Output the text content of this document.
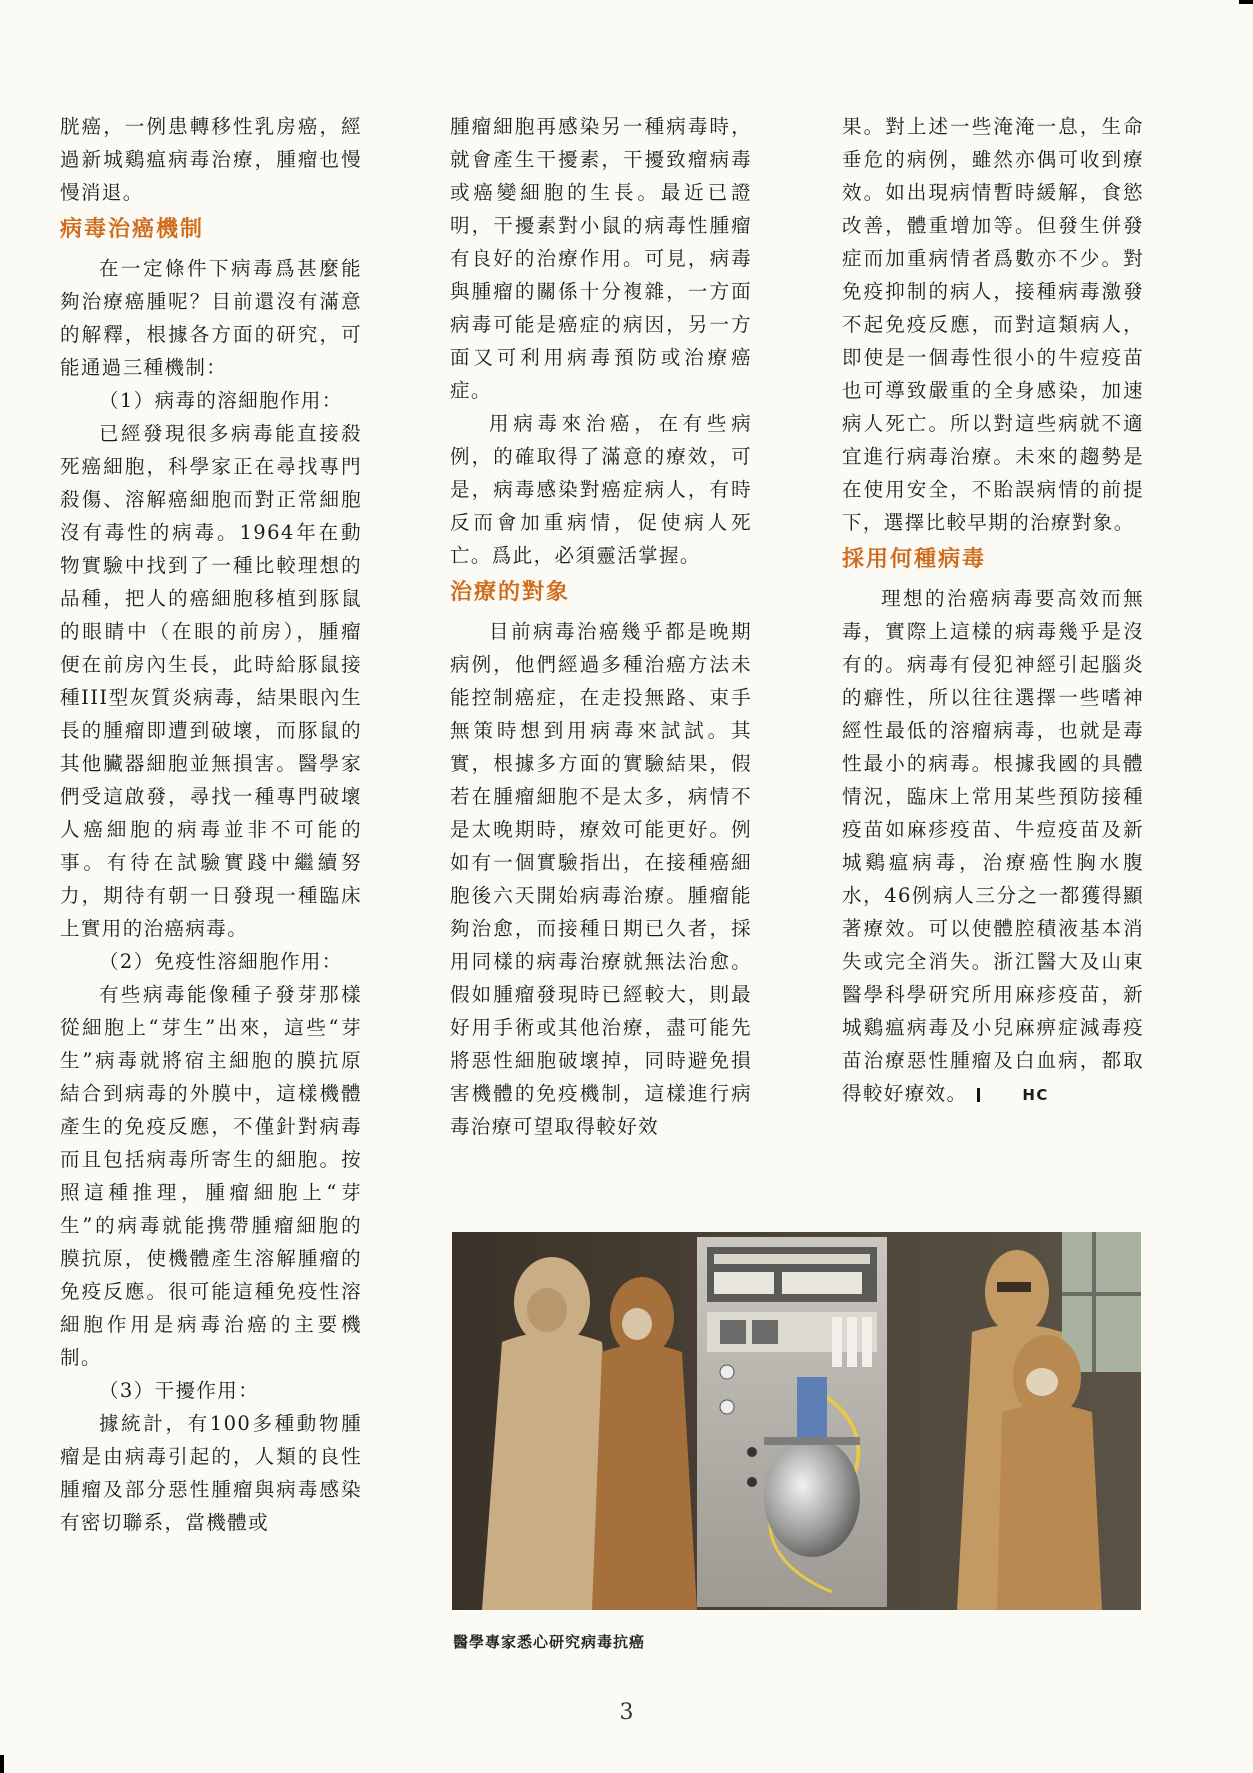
胱癌，一例患轉移性乳房癌，經過新城鷄瘟病毒治療，腫瘤也慢慢消退。

病毒治癌機制

在一定條件下病毒爲甚麼能夠治療癌腫呢？目前還沒有滿意的解釋，根據各方面的研究，可能通過三種機制：

（1）病毒的溶細胞作用：

已經發現很多病毒能直接殺死癌細胞，科學家正在尋找專門殺傷、溶解癌細胞而對正常細胞沒有毒性的病毒。1964年在動物實驗中找到了一種比較理想的品種，把人的癌細胞移植到豚鼠的眼睛中（在眼的前房），腫瘤便在前房內生長，此時給豚鼠接種III型灰質炎病毒，結果眼內生長的腫瘤即遭到破壞，而豚鼠的其他臟器細胞並無損害。醫學家們受這啟發，尋找一種專門破壞人癌細胞的病毒並非不可能的事。有待在試驗實踐中繼續努力，期待有朝一日發現一種臨床上實用的治癌病毒。

（2）免疫性溶細胞作用：

有些病毒能像種子發芽那樣從細胞上“芽生”出來，這些“芽生”病毒就將宿主細胞的膜抗原結合到病毒的外膜中，這樣機體產生的免疫反應，不僅針對病毒而且包括病毒所寄生的細胞。按照這種推理，腫瘤細胞上“芽生”的病毒就能携帶腫瘤細胞的膜抗原，使機體產生溶解腫瘤的免疫反應。很可能這種免疫性溶細胞作用是病毒治癌的主要機制。

（3）干擾作用：

據統計，有100多種動物腫瘤是由病毒引起的，人類的良性腫瘤及部分惡性腫瘤與病毒感染有密切聯系，當機體或

腫瘤細胞再感染另一種病毒時，就會產生干擾素，干擾致瘤病毒或癌變細胞的生長。最近已證明，干擾素對小鼠的病毒性腫瘤有良好的治療作用。可見，病毒與腫瘤的關係十分複雜，一方面病毒可能是癌症的病因，另一方面又可利用病毒預防或治療癌症。

用病毒來治癌，在有些病例，的確取得了滿意的療效，可是，病毒感染對癌症病人，有時反而會加重病情，促使病人死亡。爲此，必須靈活掌握。

治療的對象

目前病毒治癌幾乎都是晚期病例，他們經過多種治癌方法未能控制癌症，在走投無路、束手無策時想到用病毒來試試。其實，根據多方面的實驗結果，假若在腫瘤細胞不是太多，病情不是太晚期時，療效可能更好。例如有一個實驗指出，在接種癌細胞後六天開始病毒治療。腫瘤能夠治愈，而接種日期已久者，採用同樣的病毒治療就無法治愈。假如腫瘤發現時已經較大，則最好用手術或其他治療，盡可能先將惡性細胞破壞掉，同時避免損害機體的免疫機制，這樣進行病毒治療可望取得較好效

果。對上述一些淹淹一息，生命垂危的病例，雖然亦偶可收到療效。如出現病情暫時緩解，食慾改善，體重增加等。但發生併發症而加重病情者爲數亦不少。對免疫抑制的病人，接種病毒激發不起免疫反應，而對這類病人，即使是一個毒性很小的牛痘疫苗也可導致嚴重的全身感染，加速病人死亡。所以對這些病就不適宜進行病毒治療。未來的趨勢是在使用安全，不貽誤病情的前提下，選擇比較早期的治療對象。

採用何種病毒

理想的治癌病毒要高效而無毒，實際上這樣的病毒幾乎是沒有的。病毒有侵犯神經引起腦炎的癖性，所以往往選擇一些嗜神經性最低的溶瘤病毒，也就是毒性最小的病毒。根據我國的具體情況，臨床上常用某些預防接種疫苗如麻疹疫苗、牛痘疫苗及新城鷄瘟病毒，治療癌性胸水腹水，46例病人三分之一都獲得顯著療效。可以使體腔積液基本消失或完全消失。浙江醫大及山東醫學科學研究所用麻疹疫苗，新城鷄瘟病毒及小兒麻痹症減毒疫苗治療惡性腫瘤及白血病，都取得較好療效。	HC

醫學專家悉心研究病毒抗癌
3
